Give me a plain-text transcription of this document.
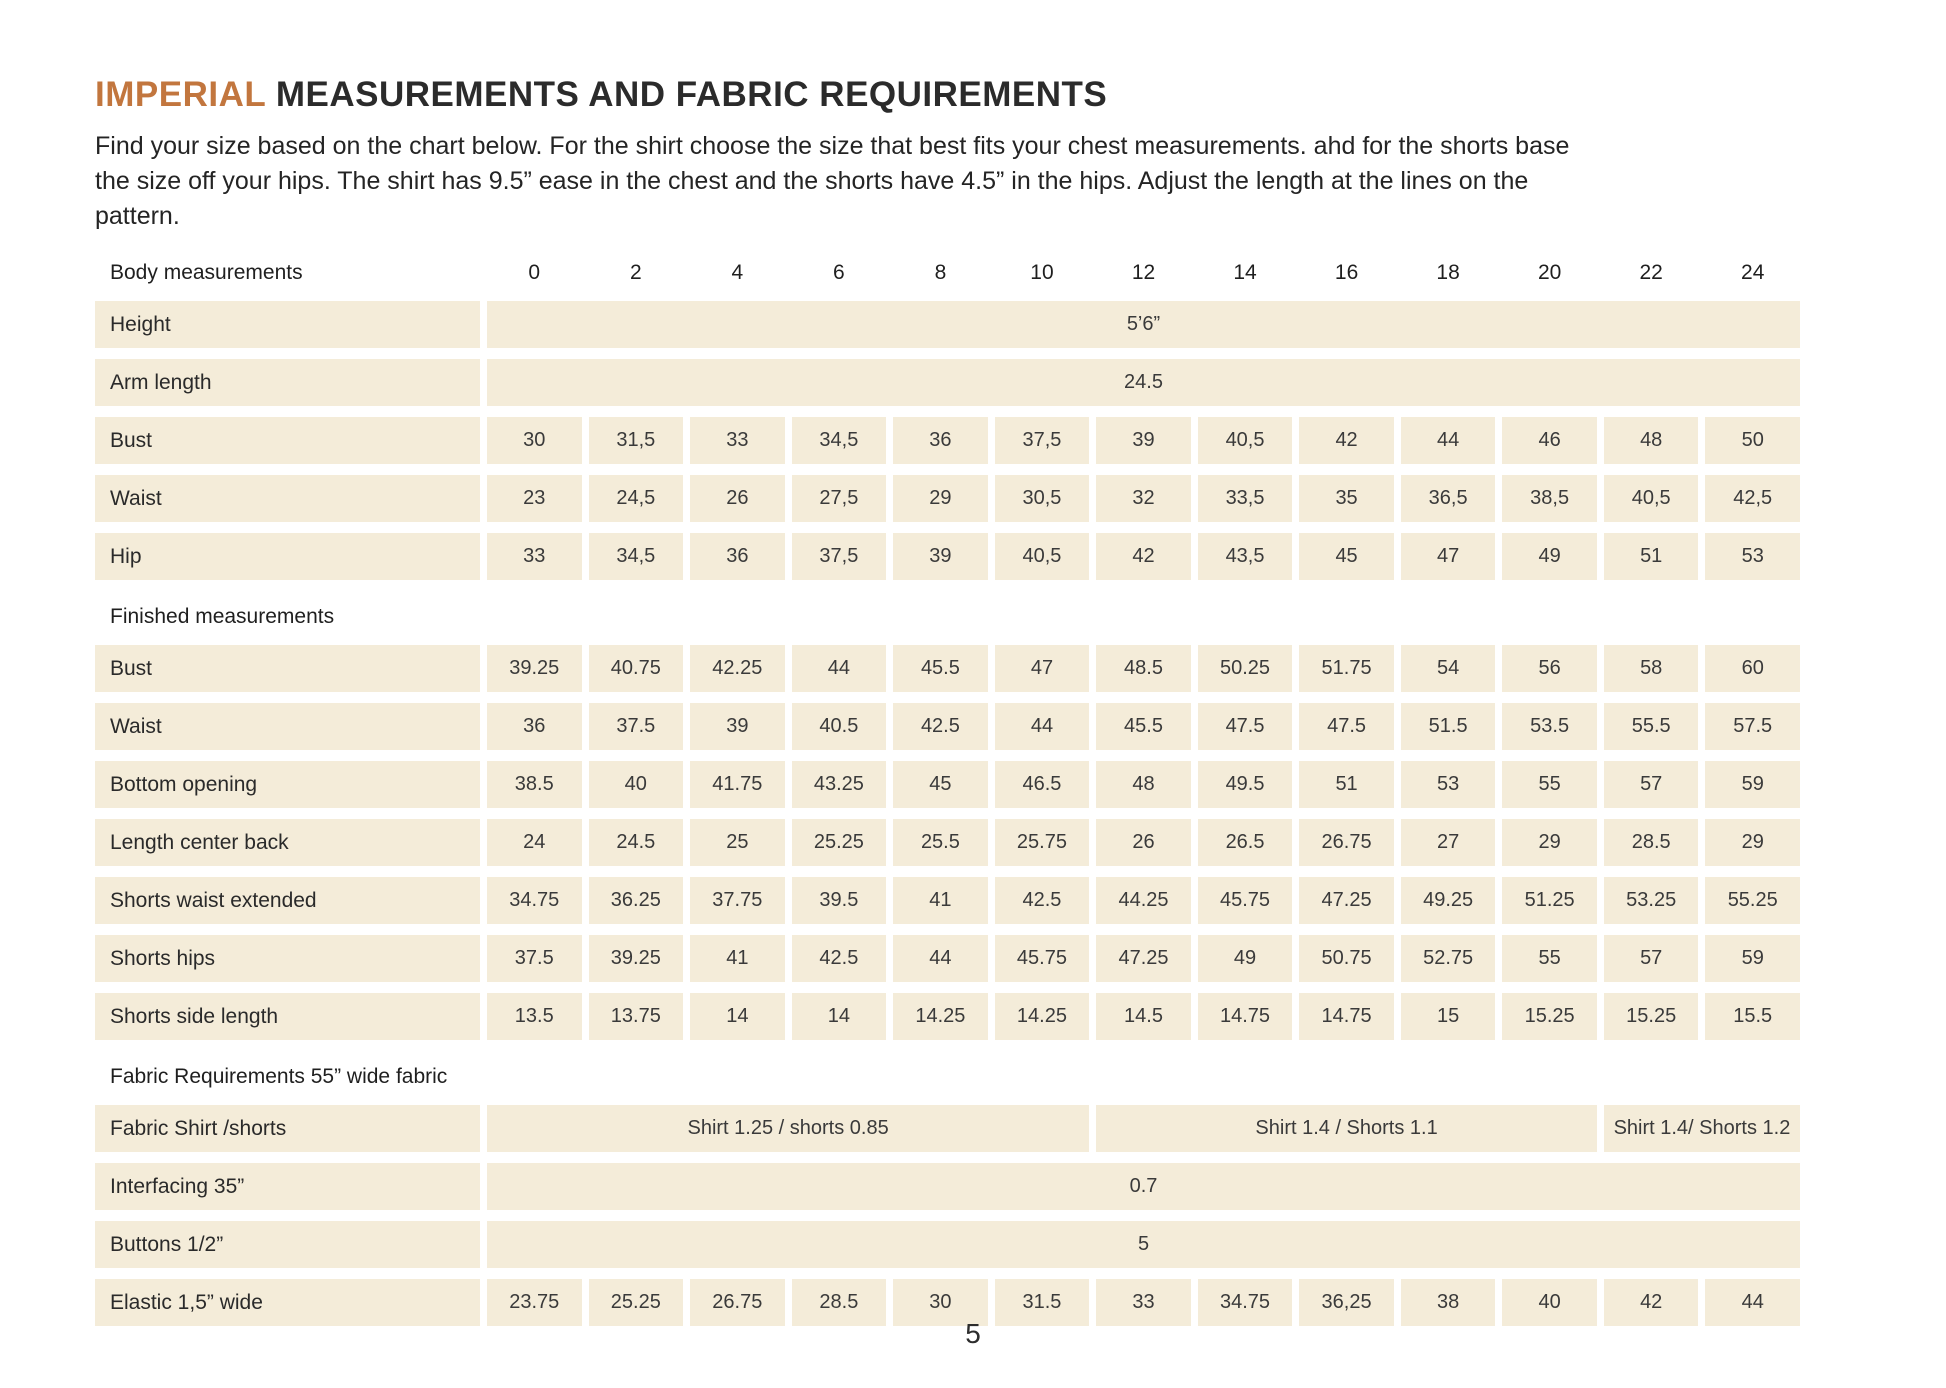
IMPERIAL MEASUREMENTS AND FABRIC REQUIREMENTS
Find your size based on the chart below. For the shirt choose the size that best fits your chest measurements. ahd for the shorts base
the size off your hips. The shirt has 9.5” ease in the chest and the shorts have 4.5” in the hips. Adjust the length at the lines on the
pattern.
Body measurements	0	2	4	6	8	10	12	14	16	18	20	22	24
Height	5’6”
Arm length	24.5
Bust	30	31,5	33	34,5	36	37,5	39	40,5	42	44	46	48	50
Waist	23	24,5	26	27,5	29	30,5	32	33,5	35	36,5	38,5	40,5	42,5
Hip	33	34,5	36	37,5	39	40,5	42	43,5	45	47	49	51	53
Finished measurements
Bust	39.25	40.75	42.25	44	45.5	47	48.5	50.25	51.75	54	56	58	60
Waist	36	37.5	39	40.5	42.5	44	45.5	47.5	47.5	51.5	53.5	55.5	57.5
Bottom opening	38.5	40	41.75	43.25	45	46.5	48	49.5	51	53	55	57	59
Length center back	24	24.5	25	25.25	25.5	25.75	26	26.5	26.75	27	29	28.5	29
Shorts waist extended	34.75	36.25	37.75	39.5	41	42.5	44.25	45.75	47.25	49.25	51.25	53.25	55.25
Shorts hips	37.5	39.25	41	42.5	44	45.75	47.25	49	50.75	52.75	55	57	59
Shorts side length	13.5	13.75	14	14	14.25	14.25	14.5	14.75	14.75	15	15.25	15.25	15.5
Fabric Requirements 55” wide fabric
Fabric Shirt /shorts	Shirt 1.25 / shorts 0.85	Shirt 1.4 / Shorts 1.1	Shirt 1.4/ Shorts 1.2
Interfacing 35”	0.7
Buttons 1/2”	5
Elastic 1,5” wide	23.75	25.25	26.75	28.5	30	31.5	33	34.75	36,25	38	40	42	44
5
